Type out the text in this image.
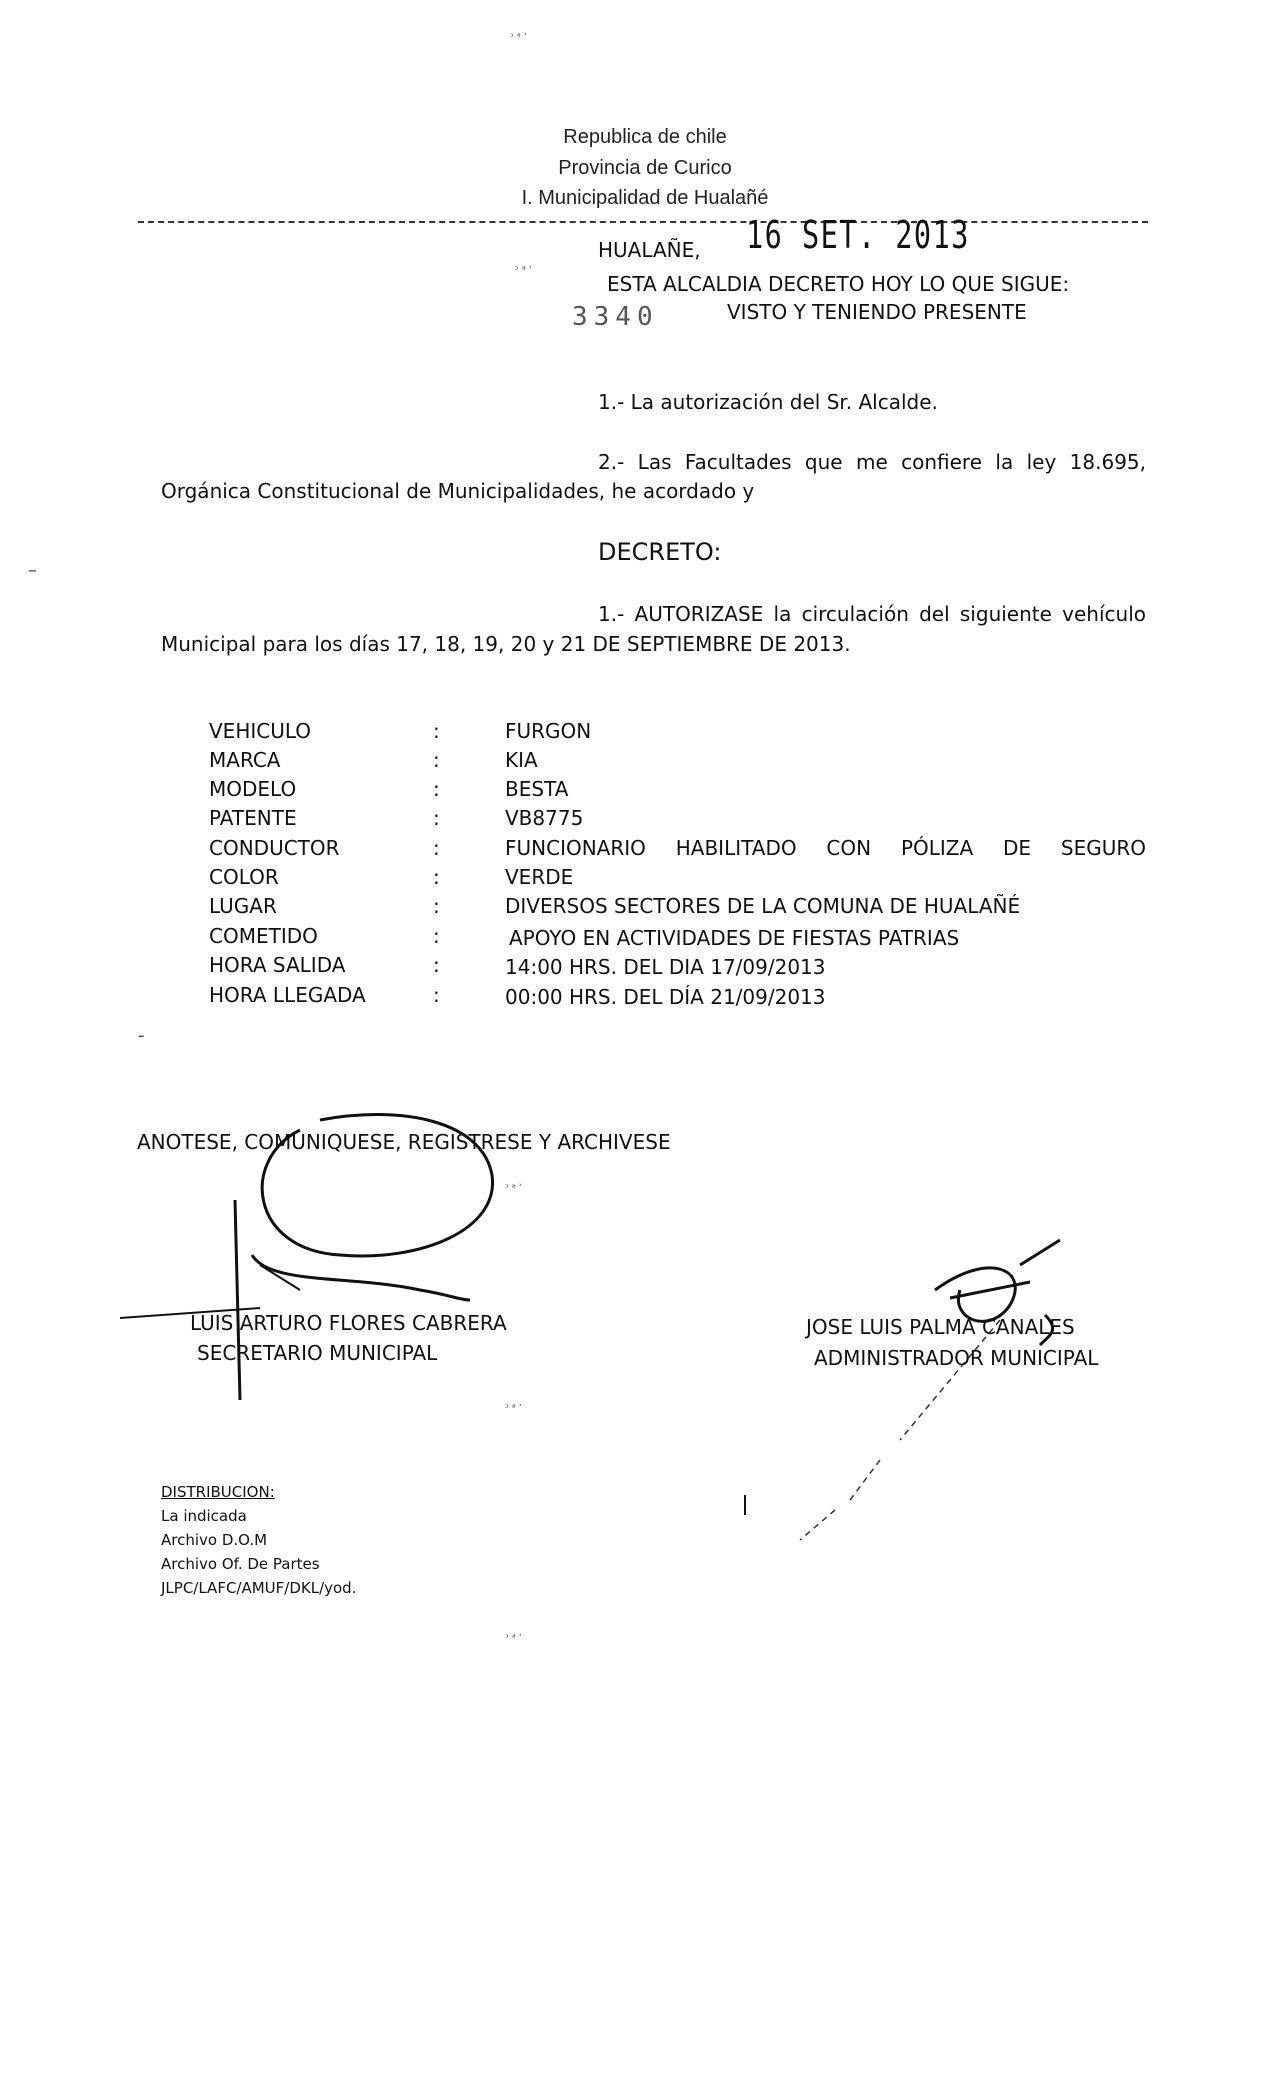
ᵓ ᵃ ʾ
ᵓ ᵃ ʾ
ᵓ ᵃ ʾ
ᵓ ᵃ ʾ
ᵓ ᵃ ʾ
–
-
Republica de chile
Provincia de Curico
I. Municipalidad de Hualañé
HUALAÑE, 16 SET. 2013
ESTA ALCALDIA DECRETO HOY LO QUE SIGUE:
3340	VISTO Y TENIENDO PRESENTE
1.- La autorización del Sr. Alcalde.
2.- Las Facultades que me confiere la ley 18.695,
Orgánica Constitucional de Municipalidades, he acordado y
DECRETO:
1.- AUTORIZASE la circulación del siguiente vehículo
Municipal para los días 17, 18, 19, 20 y 21 DE SEPTIEMBRE DE 2013.
VEHICULO	:	FURGON
MARCA	:	KIA
MODELO	:	BESTA
PATENTE	:	VB8775
CONDUCTOR	:	FUNCIONARIO HABILITADO CON PÓLIZA DE SEGURO
COLOR	:	VERDE
LUGAR	:	DIVERSOS SECTORES DE LA COMUNA DE HUALAÑÉ
COMETIDO	:	APOYO EN ACTIVIDADES DE FIESTAS PATRIAS
HORA SALIDA	:	14:00 HRS. DEL DIA 17/09/2013
HORA LLEGADA	:	00:00 HRS. DEL DÍA 21/09/2013
ANOTESE, COMUNIQUESE, REGISTRESE Y ARCHIVESE
LUIS ARTURO FLORES CABRERA
SECRETARIO MUNICIPAL
JOSE LUIS PALMA CANALES
ADMINISTRADOR MUNICIPAL
DISTRIBUCION:
La indicada
Archivo D.O.M
Archivo Of. De Partes
JLPC/LAFC/AMUF/DKL/yod.
